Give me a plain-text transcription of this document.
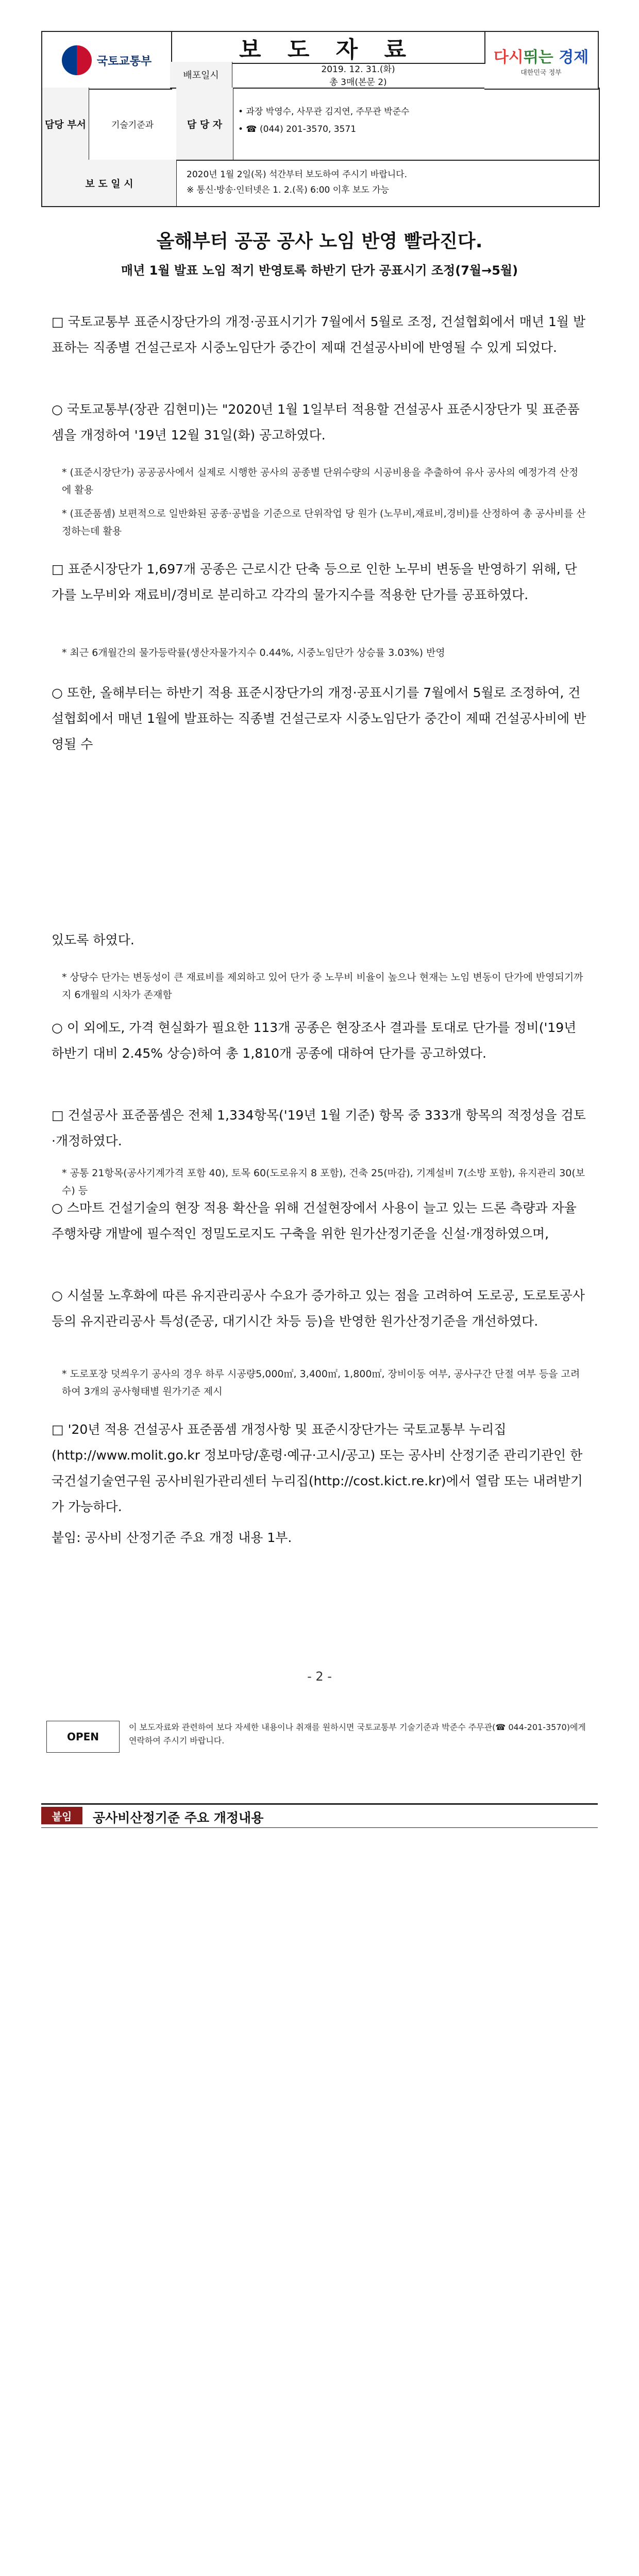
국토교통부	보 도 자 료	다시뛰는 경제
대한민국 정부
배포일시
2019. 12. 31.(화)
총 3매(본문 2)
담당 부서	기술기준과	담 당 자
• 과장 박영수, 사무관 김지연, 주무관 박준수
• ☎ (044) 201-3570, 3571
보 도 일 시
2020년 1월 2일(목) 석간부터 보도하여 주시기 바랍니다.
※ 통신·방송·인터넷은 1. 2.(목) 6:00 이후 보도 가능
올해부터 공공 공사 노임 반영 빨라진다.
매년 1월 발표 노임 적기 반영토록 하반기 단가 공표시기 조정(7월→5월)
□ 국토교통부 표준시장단가의 개정·공표시기가 7월에서 5월로 조정, 건설협회에서 매년 1월 발표하는 직종별 건설근로자 시중노임단가 중간이 제때 건설공사비에 반영될 수 있게 되었다.
○ 국토교통부(장관 김현미)는 "2020년 1월 1일부터 적용할 건설공사 표준시장단가 및 표준품셈을 개정하여 '19년 12월 31일(화) 공고하였다.
* (표준시장단가) 공공공사에서 실제로 시행한 공사의 공종별 단위수량의 시공비용을 추출하여 유사 공사의 예정가격 산정에 활용
* (표준품셈) 보편적으로 일반화된 공종·공법을 기준으로 단위작업 당 원가 (노무비,재료비,경비)를 산정하여 총 공사비를 산정하는데 활용
□ 표준시장단가 1,697개 공종은 근로시간 단축 등으로 인한 노무비 변동을 반영하기 위해, 단가를 노무비와 재료비/경비로 분리하고 각각의 물가지수를 적용한 단가를 공표하였다.
* 최근 6개월간의 물가등락률(생산자물가지수 0.44%, 시중노임단가 상승률 3.03%) 반영
○ 또한, 올해부터는 하반기 적용 표준시장단가의 개정·공표시기를 7월에서 5월로 조정하여, 건설협회에서 매년 1월에 발표하는 직종별 건설근로자 시중노임단가 중간이 제때 건설공사비에 반영될 수
있도록 하였다.
* 상당수 단가는 변동성이 큰 재료비를 제외하고 있어 단가 중 노무비 비율이 높으나 현재는 노임 변동이 단가에 반영되기까지 6개월의 시차가 존재함
○ 이 외에도, 가격 현실화가 필요한 113개 공종은 현장조사 결과를 토대로 단가를 정비('19년 하반기 대비 2.45% 상승)하여 총 1,810개 공종에 대하여 단가를 공고하였다.
□ 건설공사 표준품셈은 전체 1,334항목('19년 1월 기준) 항목 중 333개 항목의 적정성을 검토·개정하였다.
* 공통 21항목(공사기계가격 포함 40), 토목 60(도로유지 8 포함), 건축 25(마감), 기계설비 7(소방 포함), 유지관리 30(보수) 등
○ 스마트 건설기술의 현장 적용 확산을 위해 건설현장에서 사용이 늘고 있는 드론 측량과 자율주행차량 개발에 필수적인 정밀도로지도 구축을 위한 원가산정기준을 신설·개정하였으며,
○ 시설물 노후화에 따른 유지관리공사 수요가 증가하고 있는 점을 고려하여 도로공, 도로토공사 등의 유지관리공사 특성(준공, 대기시간 차등 등)을 반영한 원가산정기준을 개선하였다.
* 도로포장 덧씌우기 공사의 경우 하루 시공량5,000㎡, 3,400㎡, 1,800㎡, 장비이동 여부, 공사구간 단절 여부 등을 고려하여 3개의 공사형태별 원가기준 제시
□ '20년 적용 건설공사 표준품셈 개정사항 및 표준시장단가는 국토교통부 누리집(http://www.molit.go.kr 정보마당/훈령·예규·고시/공고) 또는 공사비 산정기준 관리기관인 한국건설기술연구원 공사비원가관리센터 누리집(http://cost.kict.re.kr)에서 열람 또는 내려받기가 가능하다.
붙임: 공사비 산정기준 주요 개정 내용 1부.
- 2 -
OPEN
이 보도자료와 관련하여 보다 자세한 내용이나 취재를 원하시면 국토교통부 기술기준과 박준수 주무관(☎ 044-201-3570)에게 연락하여 주시기 바랍니다.
붙임	공사비산정기준 주요 개정내용
